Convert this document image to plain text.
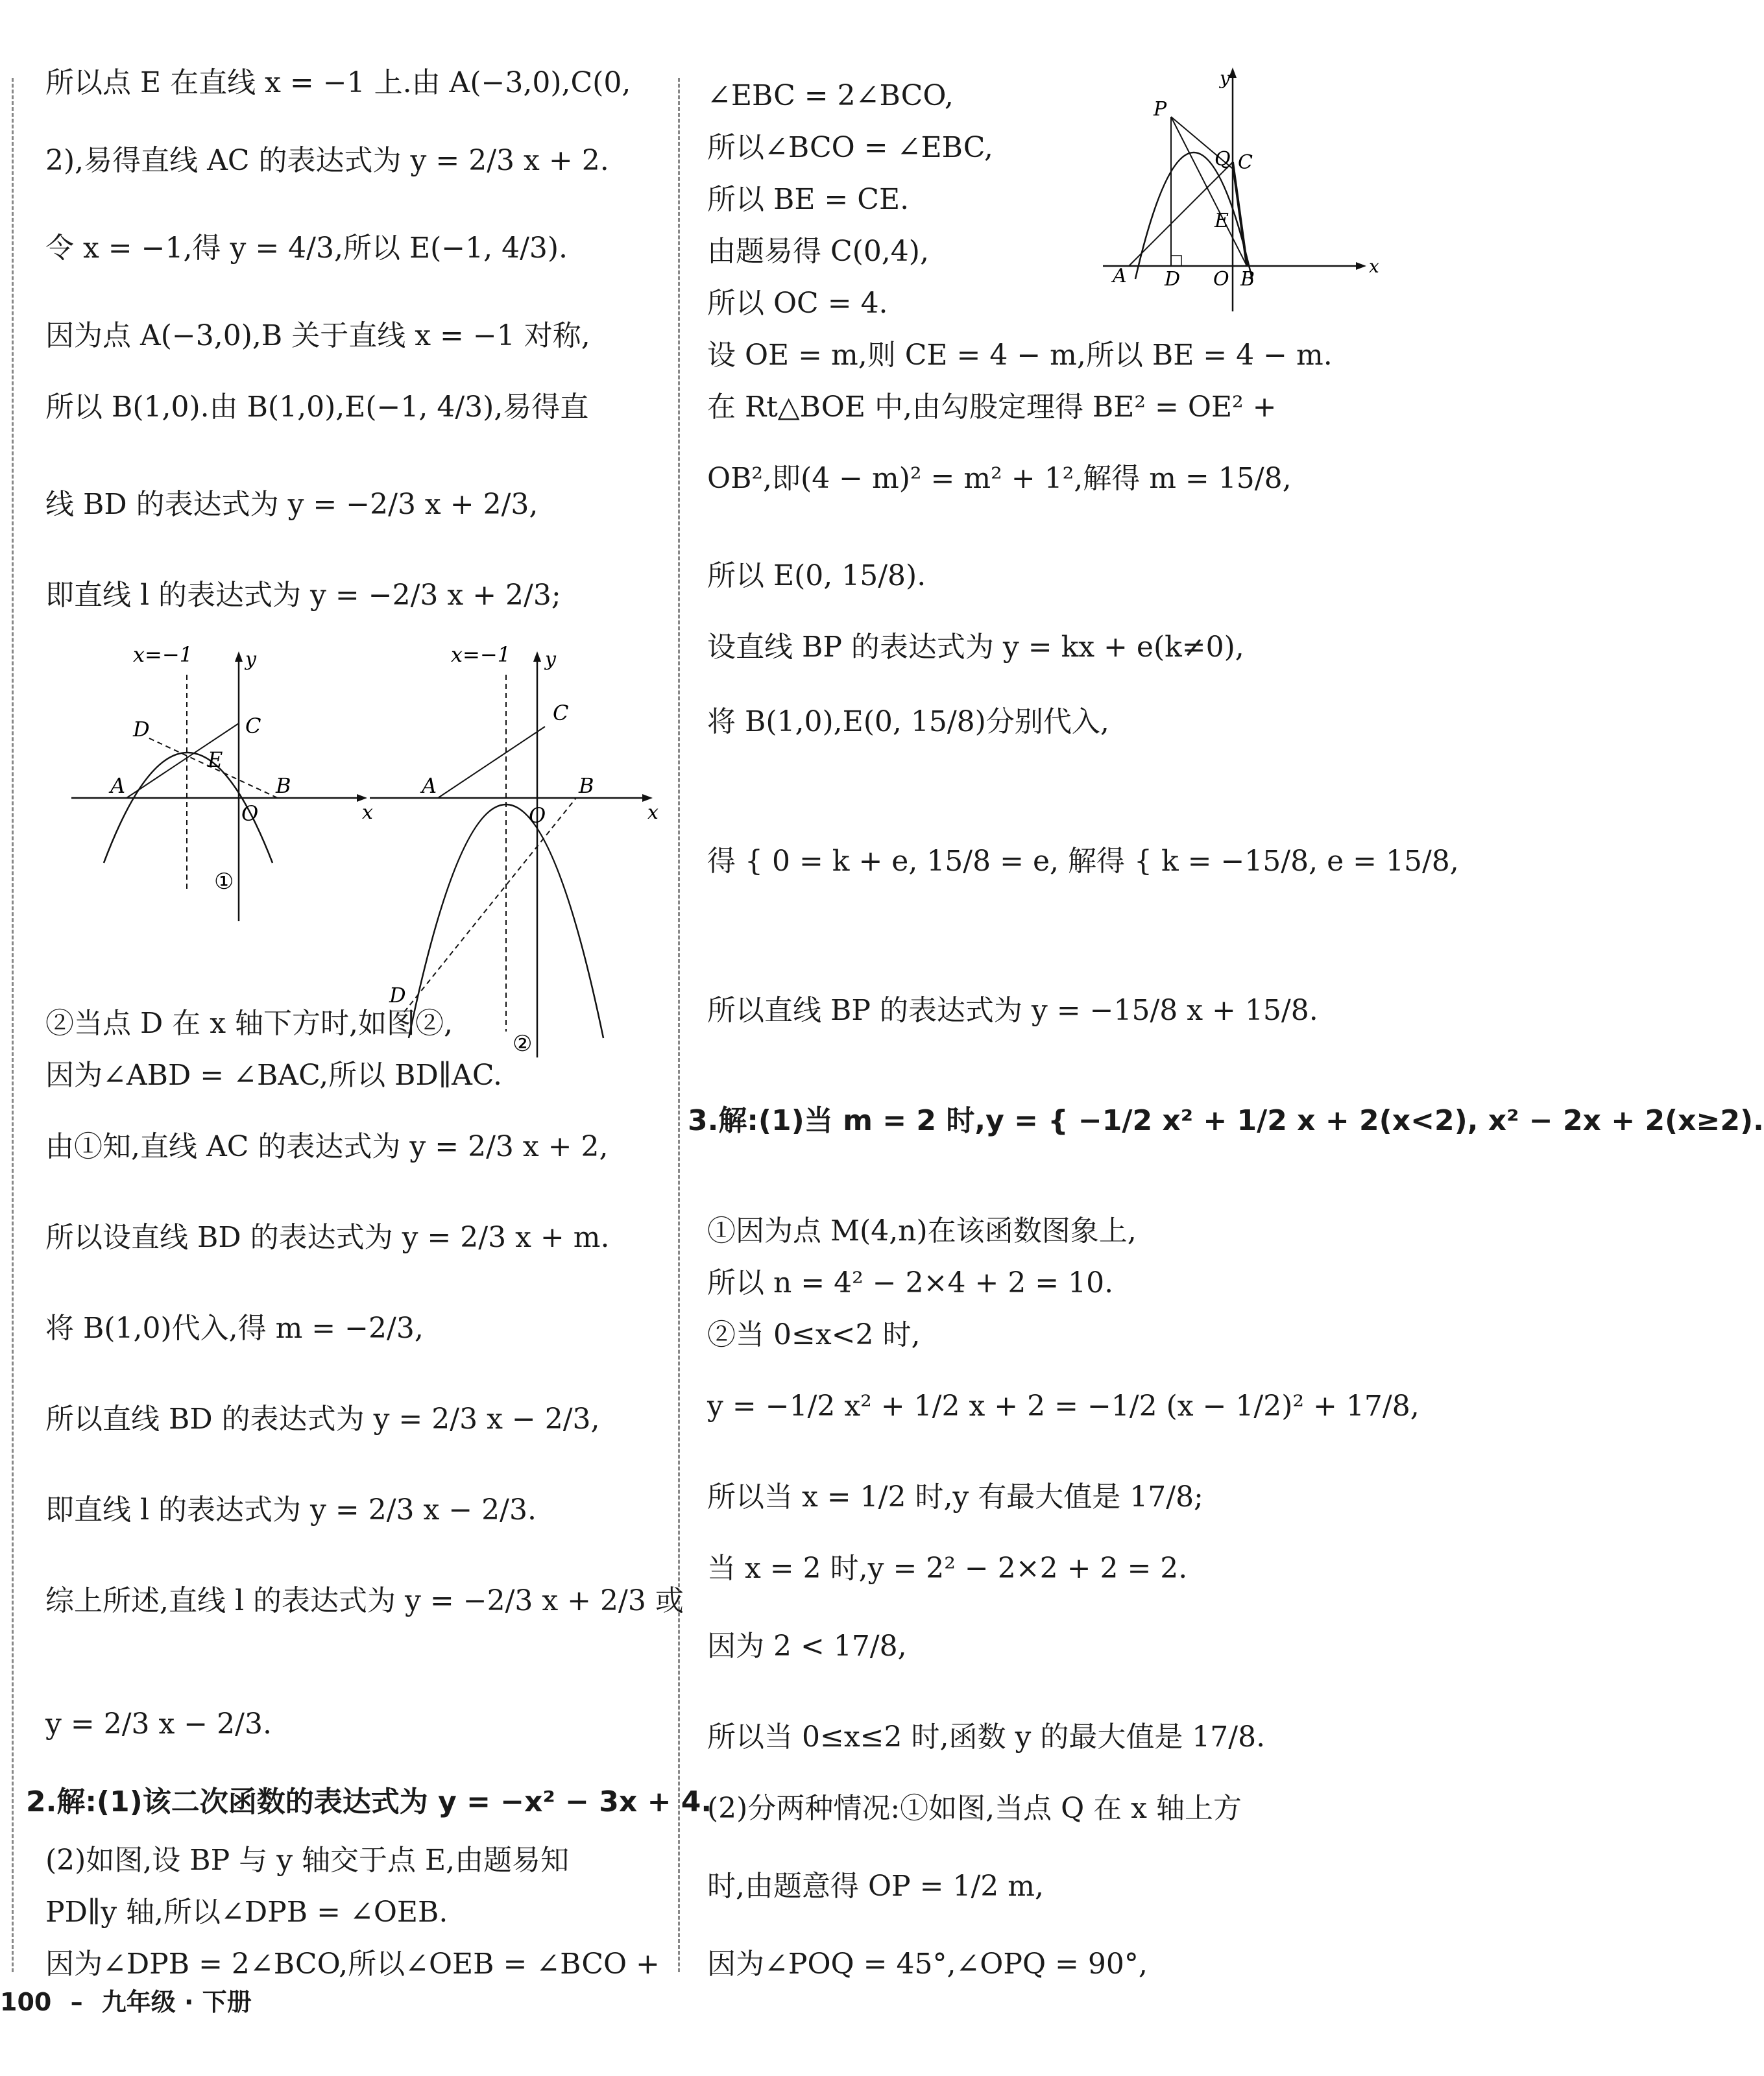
所以点 E 在直线 x = −1 上.由 A(−3,0),C(0,
2),易得直线 AC 的表达式为 y = 2/3 x + 2.
令 x = −1,得 y = 4/3,所以 E(−1, 4/3).
因为点 A(−3,0),B 关于直线 x = −1 对称,
所以 B(1,0).由 B(1,0),E(−1, 4/3),易得直
线 BD 的表达式为 y = −2/3 x + 2/3,
即直线 l 的表达式为 y = −2/3 x + 2/3;
x=−1	y
x
D	C
E
A	B
O
①
x=−1 y
x
C
A	B
O
D
②
②当点 D 在 x 轴下方时,如图②,
因为∠ABD = ∠BAC,所以 BD∥AC.
由①知,直线 AC 的表达式为 y = 2/3 x + 2,
所以设直线 BD 的表达式为 y = 2/3 x + m.
将 B(1,0)代入,得 m = −2/3,
所以直线 BD 的表达式为 y = 2/3 x − 2/3,
即直线 l 的表达式为 y = 2/3 x − 2/3.
综上所述,直线 l 的表达式为 y = −2/3 x + 2/3 或
y = 2/3 x − 2/3.
2.解:(1)该二次函数的表达式为 y = −x² − 3x + 4.
(2)如图,设 BP 与 y 轴交于点 E,由题易知
PD∥y 轴,所以∠DPB = ∠OEB.
因为∠DPB = 2∠BCO,所以∠OEB = ∠BCO +
∠EBC = 2∠BCO,
所以∠BCO = ∠EBC,
所以 BE = CE.
由题易得 C(0,4),
所以 OC = 4.
P
Q C
E
A D O B
y
x
设 OE = m,则 CE = 4 − m,所以 BE = 4 − m.
在 Rt△BOE 中,由勾股定理得 BE² = OE² +
OB²,即(4 − m)² = m² + 1²,解得 m = 15/8,
所以 E(0, 15/8).
设直线 BP 的表达式为 y = kx + e(k≠0),
将 B(1,0),E(0, 15/8)分别代入,
得 { 0 = k + e, 15/8 = e, 解得 { k = −15/8, e = 15/8,
所以直线 BP 的表达式为 y = −15/8 x + 15/8.
3.解:(1)当 m = 2 时,y = { −1/2 x² + 1/2 x + 2(x<2), x² − 2x + 2(x≥2).
①因为点 M(4,n)在该函数图象上,
所以 n = 4² − 2×4 + 2 = 10.
②当 0≤x<2 时,
y = −1/2 x² + 1/2 x + 2 = −1/2 (x − 1/2)² + 17/8,
所以当 x = 1/2 时,y 有最大值是 17/8;
当 x = 2 时,y = 2² − 2×2 + 2 = 2.
因为 2 < 17/8,
所以当 0≤x≤2 时,函数 y 的最大值是 17/8.
(2)分两种情况:①如图,当点 Q 在 x 轴上方
时,由题意得 OP = 1/2 m,
因为∠POQ = 45°,∠OPQ = 90°,
100 – 九年级 · 下册
